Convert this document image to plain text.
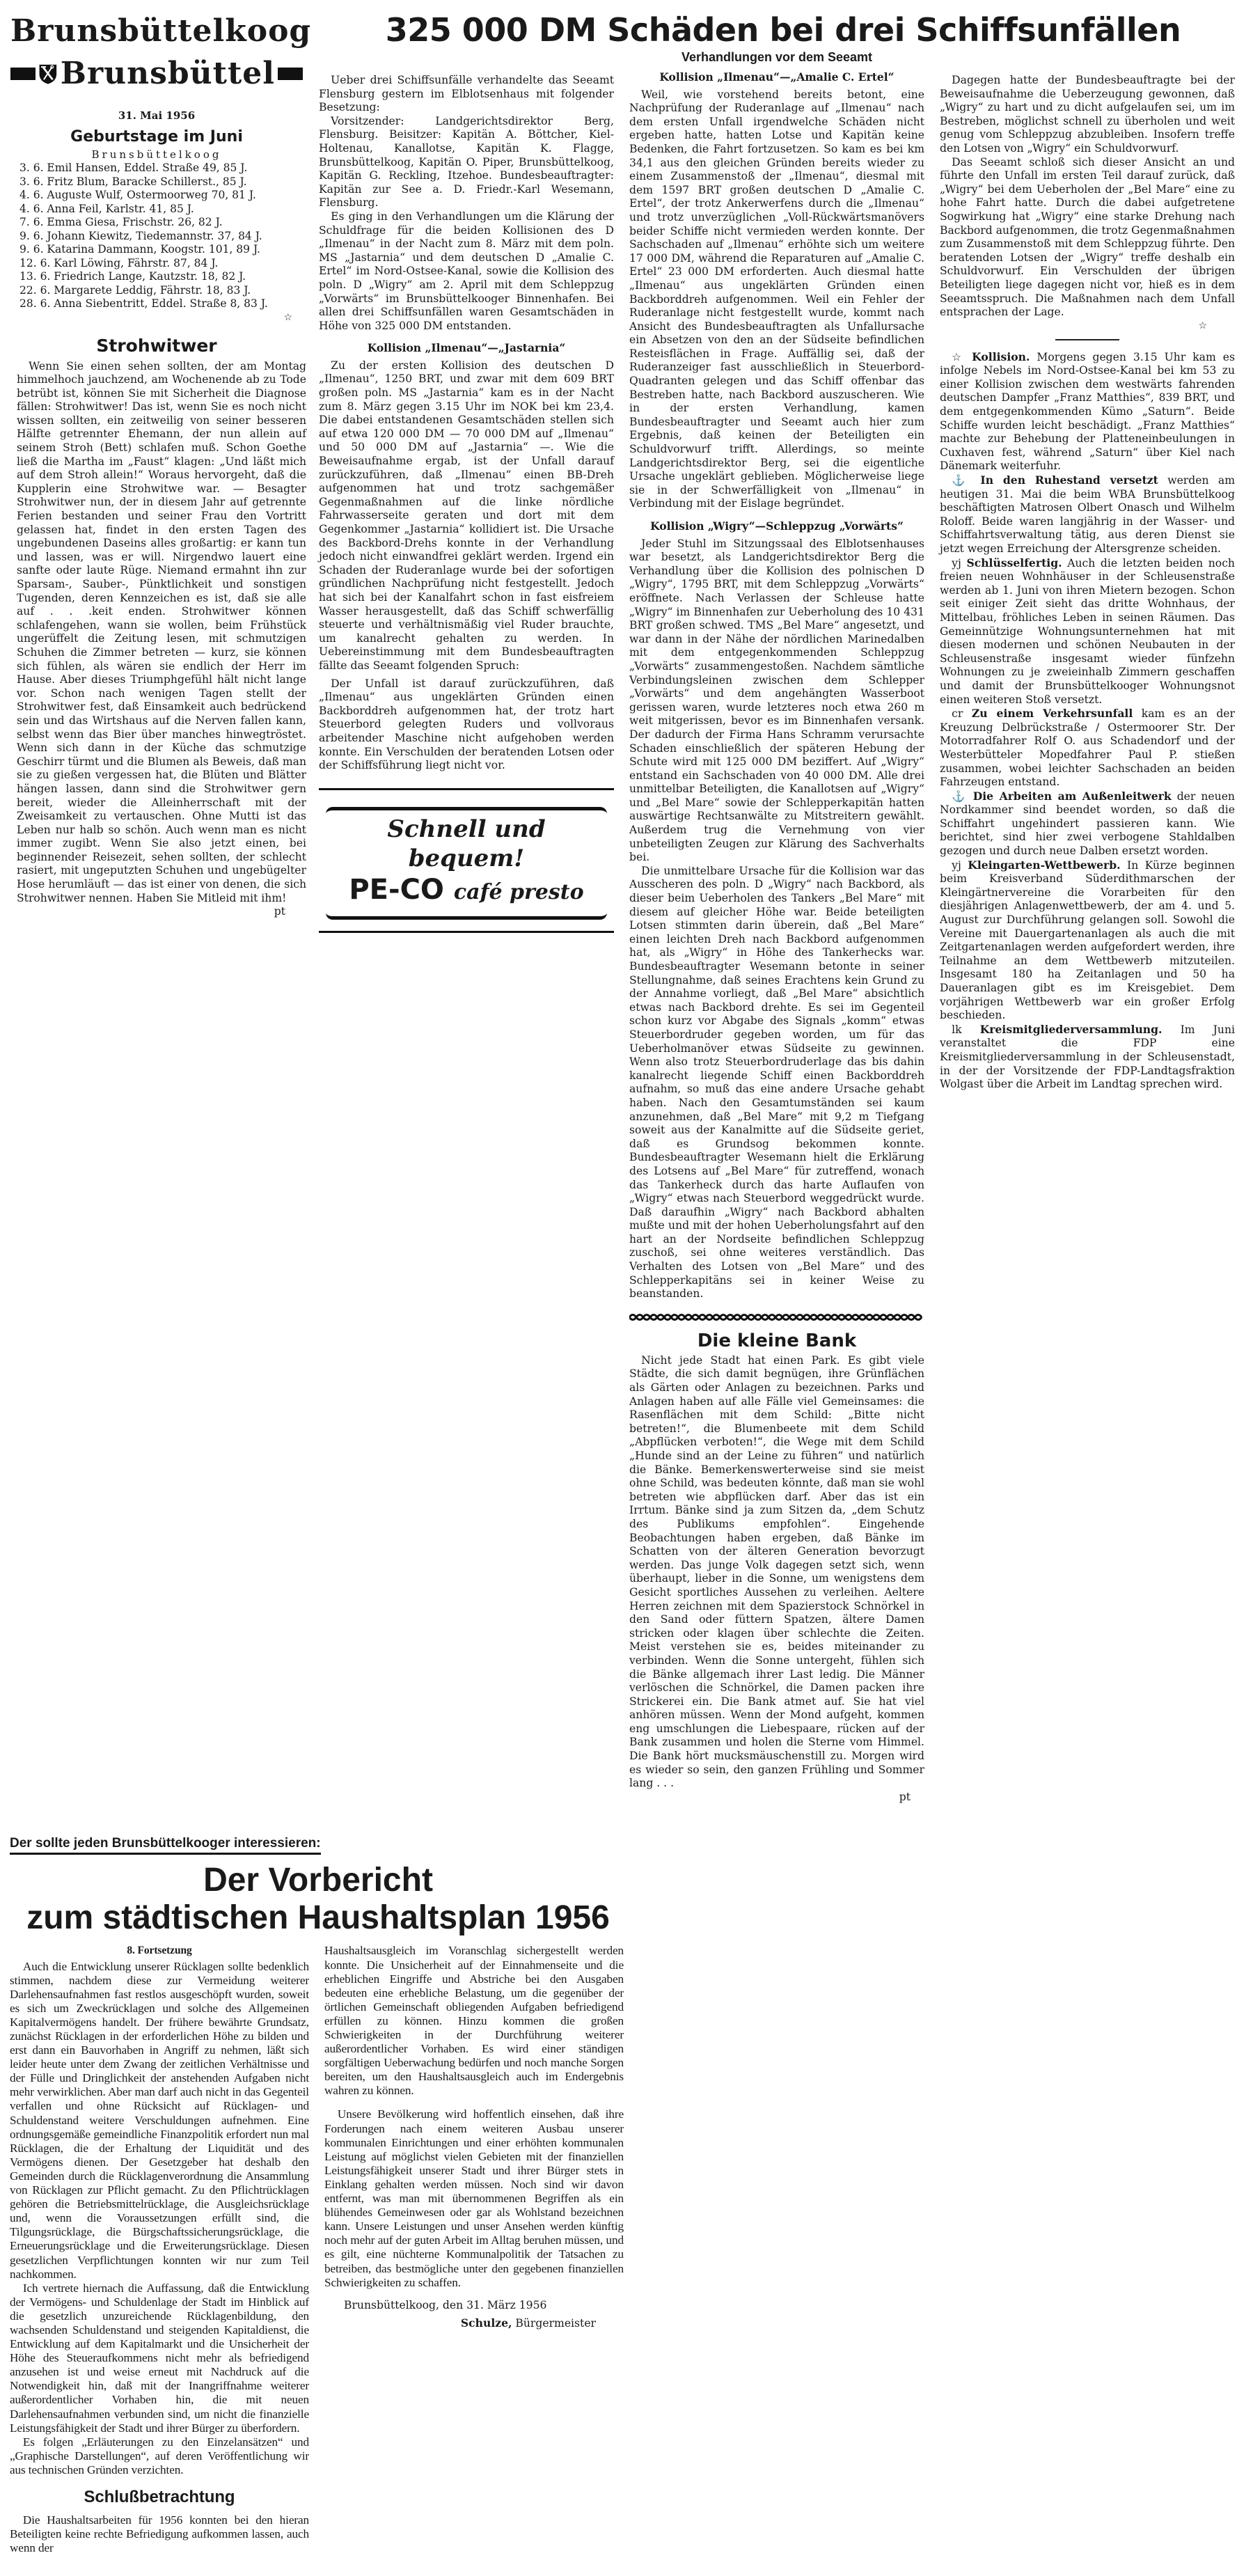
Brunsbüttelkoog
Brunsbüttel
31. Mai 1956
Geburtstage im Juni
Brunsbüttelkoog
3. 6. Emil Hansen, Eddel. Straße 49, 85 J.
3. 6. Fritz Blum, Baracke Schillerst., 85 J.
4. 6. Auguste Wulf, Ostermoorweg 70, 81 J.
4. 6. Anna Feil, Karlstr. 41, 85 J.
7. 6. Emma Giesa, Frischstr. 26, 82 J.
9. 6. Johann Kiewitz, Tiedemannstr. 37, 84 J.
9. 6. Katarina Dammann, Koogstr. 101, 89 J.
12. 6. Karl Löwing, Fährstr. 87, 84 J.
13. 6. Friedrich Lange, Kautzstr. 18, 82 J.
22. 6. Margarete Leddig, Fährstr. 18, 83 J.
28. 6. Anna Siebentritt, Eddel. Straße 8, 83 J.
☆
Strohwitwer

Wenn Sie einen sehen sollten, der am Montag himmelhoch jauchzend, am Wochenende ab zu Tode betrübt ist, können Sie mit Sicherheit die Diagnose fällen: Strohwitwer! Das ist, wenn Sie es noch nicht wissen sollten, ein zeitweilig von seiner besseren Hälfte getrennter Ehemann, der nun allein auf seinem Stroh (Bett) schlafen muß. Schon Goethe ließ die Martha im „Faust“ klagen: „Und läßt mich auf dem Stroh allein!“ Woraus hervorgeht, daß die Kupplerin eine Strohwitwe war. — Besagter Strohwitwer nun, der in diesem Jahr auf getrennte Ferien bestanden und seiner Frau den Vortritt gelassen hat, findet in den ersten Tagen des ungebundenen Daseins alles großartig: er kann tun und lassen, was er will. Nirgendwo lauert eine sanfte oder laute Rüge. Niemand ermahnt ihn zur Sparsam-, Sauber-, Pünktlichkeit und sonstigen Tugenden, deren Kennzeichen es ist, daß sie alle auf . . .keit enden. Strohwitwer können schlafengehen, wann sie wollen, beim Frühstück ungerüffelt die Zeitung lesen, mit schmutzigen Schuhen die Zimmer betreten — kurz, sie können sich fühlen, als wären sie endlich der Herr im Hause. Aber dieses Triumphgefühl hält nicht lange vor. Schon nach wenigen Tagen stellt der Strohwitwer fest, daß Einsamkeit auch bedrückend sein und das Wirtshaus auf die Nerven fallen kann, selbst wenn das Bier über manches hinwegtröstet. Wenn sich dann in der Küche das schmutzige Geschirr türmt und die Blumen als Beweis, daß man sie zu gießen vergessen hat, die Blüten und Blätter hängen lassen, dann sind die Strohwitwer gern bereit, wieder die Alleinherrschaft mit der Zweisamkeit zu vertauschen. Ohne Mutti ist das Leben nur halb so schön. Auch wenn man es nicht immer zugibt. Wenn Sie also jetzt einen, bei beginnender Reisezeit, sehen sollten, der schlecht rasiert, mit ungeputzten Schuhen und ungebügelter Hose herumläuft — das ist einer von denen, die sich Strohwitwer nennen. Haben Sie Mitleid mit ihm!

pt
325 000 DM Schäden bei drei Schiffsunfällen

Ueber drei Schiffsunfälle verhandelte das Seeamt Flensburg gestern im Elblotsenhaus mit folgender Besetzung:

Vorsitzender: Landgerichtsdirektor Berg, Flensburg. Beisitzer: Kapitän A. Böttcher, Kiel-Holtenau, Kanallotse, Kapitän K. Flagge, Brunsbüttelkoog, Kapitän O. Piper, Brunsbüttelkoog, Kapitän G. Reckling, Itzehoe. Bundesbeauftragter: Kapitän zur See a. D. Friedr.-Karl Wesemann, Flensburg.

Es ging in den Verhandlungen um die Klärung der Schuldfrage für die beiden Kollisionen des D „Ilmenau“ in der Nacht zum 8. März mit dem poln. MS „Jastarnia“ und dem deutschen D „Amalie C. Ertel“ im Nord-Ostsee-Kanal, sowie die Kollision des poln. D „Wigry“ am 2. April mit dem Schleppzug „Vorwärts“ im Brunsbüttelkooger Binnenhafen. Bei allen drei Schiffsunfällen waren Gesamtschäden in Höhe von 325 000 DM entstanden.

Kollision „Ilmenau“—„Jastarnia“

Zu der ersten Kollision des deutschen D „Ilmenau“, 1250 BRT, und zwar mit dem 609 BRT großen poln. MS „Jastarnia“ kam es in der Nacht zum 8. März gegen 3.15 Uhr im NOK bei km 23,4. Die dabei entstandenen Gesamtschäden stellen sich auf etwa 120 000 DM — 70 000 DM auf „Ilmenau“ und 50 000 DM auf „Jastarnia“ —. Wie die Beweisaufnahme ergab, ist der Unfall darauf zurückzuführen, daß „Ilmenau“ einen BB-Dreh aufgenommen hat und trotz sachgemäßer Gegenmaßnahmen auf die linke nördliche Fahrwasserseite geraten und dort mit dem Gegenkommer „Jastarnia“ kollidiert ist. Die Ursache des Backbord-Drehs konnte in der Verhandlung jedoch nicht einwandfrei geklärt werden. Irgend ein Schaden der Ruderanlage wurde bei der sofortigen gründlichen Nachprüfung nicht festgestellt. Jedoch hat sich bei der Kanalfahrt schon in fast eisfreiem Wasser herausgestellt, daß das Schiff schwerfällig steuerte und verhältnismäßig viel Ruder brauchte, um kanalrecht gehalten zu werden. In Uebereinstimmung mit dem Bundesbeauftragten fällte das Seeamt folgenden Spruch:

Der Unfall ist darauf zurückzuführen, daß „Ilmenau“ aus ungeklärten Gründen einen Backborddreh aufgenommen hat, der trotz hart Steuerbord gelegten Ruders und vollvoraus arbeitender Maschine nicht aufgehoben werden konnte. Ein Verschulden der beratenden Lotsen oder der Schiffsführung liegt nicht vor.

Schnell und bequem!
PE-CO café presto
Verhandlungen vor dem Seeamt
Kollision „Ilmenau“—„Amalie C. Ertel“

Weil, wie vorstehend bereits betont, eine Nachprüfung der Ruderanlage auf „Ilmenau“ nach dem ersten Unfall irgendwelche Schäden nicht ergeben hatte, hatten Lotse und Kapitän keine Bedenken, die Fahrt fortzusetzen. So kam es bei km 34,1 aus den gleichen Gründen bereits wieder zu einem Zusammenstoß der „Ilmenau“, diesmal mit dem 1597 BRT großen deutschen D „Amalie C. Ertel“, der trotz Ankerwerfens durch die „Ilmenau“ und trotz unverzüglichen „Voll-Rückwärtsmanövers beider Schiffe nicht vermieden werden konnte. Der Sachschaden auf „Ilmenau“ erhöhte sich um weitere 17 000 DM, während die Reparaturen auf „Amalie C. Ertel“ 23 000 DM erforderten. Auch diesmal hatte „Ilmenau“ aus ungeklärten Gründen einen Backborddreh aufgenommen. Weil ein Fehler der Ruderanlage nicht festgestellt wurde, kommt nach Ansicht des Bundesbeauftragten als Unfallursache ein Absetzen von den an der Südseite befindlichen Resteisflächen in Frage. Auffällig sei, daß der Ruderanzeiger fast ausschließlich in Steuerbord-Quadranten gelegen und das Schiff offenbar das Bestreben hatte, nach Backbord auszuscheren. Wie in der ersten Verhandlung, kamen Bundesbeauftragter und Seeamt auch hier zum Ergebnis, daß keinen der Beteiligten ein Schuldvorwurf trifft. Allerdings, so meinte Landgerichtsdirektor Berg, sei die eigentliche Ursache ungeklärt geblieben. Möglicherweise liege sie in der Schwerfälligkeit von „Ilmenau“ in Verbindung mit der Eislage begründet.

Kollision „Wigry“—Schleppzug „Vorwärts“

Jeder Stuhl im Sitzungssaal des Elblotsenhauses war besetzt, als Landgerichtsdirektor Berg die Verhandlung über die Kollision des polnischen D „Wigry“, 1795 BRT, mit dem Schleppzug „Vorwärts“ eröffnete. Nach Verlassen der Schleuse hatte „Wigry“ im Binnenhafen zur Ueberholung des 10 431 BRT großen schwed. TMS „Bel Mare“ angesetzt, und war dann in der Nähe der nördlichen Marinedalben mit dem entgegenkommenden Schleppzug „Vorwärts“ zusammengestoßen. Nachdem sämtliche Verbindungsleinen zwischen dem Schlepper „Vorwärts“ und dem angehängten Wasserboot gerissen waren, wurde letzteres noch etwa 260 m weit mitgerissen, bevor es im Binnenhafen versank. Der dadurch der Firma Hans Schramm verursachte Schaden einschließlich der späteren Hebung der Schute wird mit 125 000 DM beziffert. Auf „Wigry“ entstand ein Sachschaden von 40 000 DM. Alle drei unmittelbar Beteiligten, die Kanallotsen auf „Wigry“ und „Bel Mare“ sowie der Schlepperkapitän hatten auswärtige Rechtsanwälte zu Mitstreitern gewählt. Außerdem trug die Vernehmung von vier unbeteiligten Zeugen zur Klärung des Sachverhalts bei.

Die unmittelbare Ursache für die Kollision war das Ausscheren des poln. D „Wigry“ nach Backbord, als dieser beim Ueberholen des Tankers „Bel Mare“ mit diesem auf gleicher Höhe war. Beide beteiligten Lotsen stimmten darin überein, daß „Bel Mare“ einen leichten Dreh nach Backbord aufgenommen hat, als „Wigry“ in Höhe des Tankerhecks war. Bundesbeauftragter Wesemann betonte in seiner Stellungnahme, daß seines Erachtens kein Grund zu der Annahme vorliegt, daß „Bel Mare“ absichtlich etwas nach Backbord drehte. Es sei im Gegenteil schon kurz vor Abgabe des Signals „komm“ etwas Steuerbordruder gegeben worden, um für das Ueberholmanöver etwas Südseite zu gewinnen. Wenn also trotz Steuerbordruderlage das bis dahin kanalrecht liegende Schiff einen Backborddreh aufnahm, so muß das eine andere Ursache gehabt haben. Nach den Gesamtumständen sei kaum anzunehmen, daß „Bel Mare“ mit 9,2 m Tiefgang soweit aus der Kanalmitte auf die Südseite geriet, daß es Grundsog bekommen konnte. Bundesbeauftragter Wesemann hielt die Erklärung des Lotsens auf „Bel Mare“ für zutreffend, wonach das Tankerheck durch das harte Auflaufen von „Wigry“ etwas nach Steuerbord weggedrückt wurde. Daß daraufhin „Wigry“ nach Backbord abhalten mußte und mit der hohen Ueberholungsfahrt auf den hart an der Nordseite befindlichen Schleppzug zuschoß, sei ohne weiteres verständlich. Das Verhalten des Lotsen von „Bel Mare“ und des Schlepperkapitäns sei in keiner Weise zu beanstanden.

Die kleine Bank

Nicht jede Stadt hat einen Park. Es gibt viele Städte, die sich damit begnügen, ihre Grünflächen als Gärten oder Anlagen zu bezeichnen. Parks und Anlagen haben auf alle Fälle viel Gemeinsames: die Rasenflächen mit dem Schild: „Bitte nicht betreten!“, die Blumenbeete mit dem Schild „Abpflücken verboten!“, die Wege mit dem Schild „Hunde sind an der Leine zu führen“ und natürlich die Bänke. Bemerkenswerterweise sind sie meist ohne Schild, was bedeuten könnte, daß man sie wohl betreten wie abpflücken darf. Aber das ist ein Irrtum. Bänke sind ja zum Sitzen da, „dem Schutz des Publikums empfohlen“. Eingehende Beobachtungen haben ergeben, daß Bänke im Schatten von der älteren Generation bevorzugt werden. Das junge Volk dagegen setzt sich, wenn überhaupt, lieber in die Sonne, um wenigstens dem Gesicht sportliches Aussehen zu verleihen. Aeltere Herren zeichnen mit dem Spazierstock Schnörkel in den Sand oder füttern Spatzen, ältere Damen stricken oder klagen über schlechte die Zeiten. Meist verstehen sie es, beides miteinander zu verbinden. Wenn die Sonne untergeht, fühlen sich die Bänke allgemach ihrer Last ledig. Die Männer verlöschen die Schnörkel, die Damen packen ihre Strickerei ein. Die Bank atmet auf. Sie hat viel anhören müssen. Wenn der Mond aufgeht, kommen eng umschlungen die Liebespaare, rücken auf der Bank zusammen und holen die Sterne vom Himmel. Die Bank hört mucksmäuschenstill zu. Morgen wird es wieder so sein, den ganzen Frühling und Sommer lang . . .

pt

Dagegen hatte der Bundesbeauftragte bei der Beweisaufnahme die Ueberzeugung gewonnen, daß „Wigry“ zu hart und zu dicht aufgelaufen sei, um im Bestreben, möglichst schnell zu überholen und weit genug vom Schleppzug abzubleiben. Insofern treffe den Lotsen von „Wigry“ ein Schuldvorwurf.

Das Seeamt schloß sich dieser Ansicht an und führte den Unfall im ersten Teil darauf zurück, daß „Wigry“ bei dem Ueberholen der „Bel Mare“ eine zu hohe Fahrt hatte. Durch die dabei aufgetretene Sogwirkung hat „Wigry“ eine starke Drehung nach Backbord aufgenommen, die trotz Gegenmaßnahmen zum Zusammenstoß mit dem Schleppzug führte. Den beratenden Lotsen der „Wigry“ treffe deshalb ein Schuldvorwurf. Ein Verschulden der übrigen Beteiligten liege dagegen nicht vor, hieß es in dem Seeamtsspruch. Die Maßnahmen nach dem Unfall entsprachen der Lage.

☆

☆ Kollision. Morgens gegen 3.15 Uhr kam es infolge Nebels im Nord-Ostsee-Kanal bei km 53 zu einer Kollision zwischen dem westwärts fahrenden deutschen Dampfer „Franz Matthies“, 839 BRT, und dem entgegenkommenden Kümo „Saturn“. Beide Schiffe wurden leicht beschädigt. „Franz Matthies“ machte zur Behebung der Platteneinbeulungen in Cuxhaven fest, während „Saturn“ über Kiel nach Dänemark weiterfuhr.

⚓ In den Ruhestand versetzt werden am heutigen 31. Mai die beim WBA Brunsbüttelkoog beschäftigten Matrosen Olbert Onasch und Wilhelm Roloff. Beide waren langjährig in der Wasser- und Schiffahrtsverwaltung tätig, aus deren Dienst sie jetzt wegen Erreichung der Altersgrenze scheiden.

yj Schlüsselfertig. Auch die letzten beiden noch freien neuen Wohnhäuser in der Schleusenstraße werden ab 1. Juni von ihren Mietern bezogen. Schon seit einiger Zeit sieht das dritte Wohnhaus, der Mittelbau, fröhliches Leben in seinen Räumen. Das Gemeinnützige Wohnungsunternehmen hat mit diesen modernen und schönen Neubauten in der Schleusenstraße insgesamt wieder fünfzehn Wohnungen zu je zweieinhalb Zimmern geschaffen und damit der Brunsbüttelkooger Wohnungsnot einen weiteren Stoß versetzt.

cr Zu einem Verkehrsunfall kam es an der Kreuzung Delbrückstraße / Ostermoorer Str. Der Motorradfahrer Rolf O. aus Schadendorf und der Westerbütteler Mopedfahrer Paul P. stießen zusammen, wobei leichter Sachschaden an beiden Fahrzeugen entstand.

⚓ Die Arbeiten am Außenleitwerk der neuen Nordkammer sind beendet worden, so daß die Schiffahrt ungehindert passieren kann. Wie berichtet, sind hier zwei verbogene Stahldalben gezogen und durch neue Dalben ersetzt worden.

yj Kleingarten-Wettbewerb. In Kürze beginnen beim Kreisverband Süderdithmarschen der Kleingärtnervereine die Vorarbeiten für den diesjährigen Anlagenwettbewerb, der am 4. und 5. August zur Durchführung gelangen soll. Sowohl die Vereine mit Dauergartenanlagen als auch die mit Zeitgartenanlagen werden aufgefordert werden, ihre Teilnahme an dem Wettbewerb mitzuteilen. Insgesamt 180 ha Zeitanlagen und 50 ha Daueranlagen gibt es im Kreisgebiet. Dem vorjährigen Wettbewerb war ein großer Erfolg beschieden.

lk Kreismitgliederversammlung. Im Juni veranstaltet die FDP eine Kreismitgliederversammlung in der Schleusenstadt, in der der Vorsitzende der FDP-Landtagsfraktion Wolgast über die Arbeit im Landtag sprechen wird.

Der sollte jeden Brunsbüttelkooger interessieren:
Der Vorbericht
zum städtischen Haushaltsplan 1956
8. Fortsetzung

Auch die Entwicklung unserer Rücklagen sollte bedenklich stimmen, nachdem diese zur Vermeidung weiterer Darlehensaufnahmen fast restlos ausgeschöpft wurden, soweit es sich um Zweckrücklagen und solche des Allgemeinen Kapitalvermögens handelt. Der frühere bewährte Grundsatz, zunächst Rücklagen in der erforderlichen Höhe zu bilden und erst dann ein Bauvorhaben in Angriff zu nehmen, läßt sich leider heute unter dem Zwang der zeitlichen Verhältnisse und der Fülle und Dringlichkeit der anstehenden Aufgaben nicht mehr verwirklichen. Aber man darf auch nicht in das Gegenteil verfallen und ohne Rücksicht auf Rücklagen- und Schuldenstand weitere Verschuldungen aufnehmen. Eine ordnungsgemäße gemeindliche Finanzpolitik erfordert nun mal Rücklagen, die der Erhaltung der Liquidität und des Vermögens dienen. Der Gesetzgeber hat deshalb den Gemeinden durch die Rücklagenverordnung die Ansammlung von Rücklagen zur Pflicht gemacht. Zu den Pflichtrücklagen gehören die Betriebsmittelrücklage, die Ausgleichsrücklage und, wenn die Voraussetzungen erfüllt sind, die Tilgungsrücklage, die Bürgschaftssicherungsrücklage, die Erneuerungsrücklage und die Erweiterungsrücklage. Diesen gesetzlichen Verpflichtungen konnten wir nur zum Teil nachkommen.

Ich vertrete hiernach die Auffassung, daß die Entwicklung der Vermögens- und Schuldenlage der Stadt im Hinblick auf die gesetzlich unzureichende Rücklagenbildung, den wachsenden Schuldenstand und steigenden Kapitaldienst, die Entwicklung auf dem Kapitalmarkt und die Unsicherheit der Höhe des Steueraufkommens nicht mehr als befriedigend anzusehen ist und weise erneut mit Nachdruck auf die Notwendigkeit hin, daß mit der Inangriffnahme weiterer außerordentlicher Vorhaben hin, die mit neuen Darlehensaufnahmen verbunden sind, um nicht die finanzielle Leistungsfähigkeit der Stadt und ihrer Bürger zu überfordern.

Es folgen „Erläuterungen zu den Einzelansätzen“ und „Graphische Darstellungen“, auf deren Veröffentlichung wir aus technischen Gründen verzichten.

Schlußbetrachtung

Die Haushaltsarbeiten für 1956 konnten bei den hieran Beteiligten keine rechte Befriedigung aufkommen lassen, auch wenn der

Haushaltsausgleich im Voranschlag sichergestellt werden konnte. Die Unsicherheit auf der Einnahmenseite und die erheblichen Eingriffe und Abstriche bei den Ausgaben bedeuten eine erhebliche Belastung, um die gegenüber der örtlichen Gemeinschaft obliegenden Aufgaben befriedigend erfüllen zu können. Hinzu kommen die großen Schwierigkeiten in der Durchführung weiterer außerordentlicher Vorhaben. Es wird einer ständigen sorgfältigen Ueberwachung bedürfen und noch manche Sorgen bereiten, um den Haushaltsausgleich auch im Endergebnis wahren zu können.

Unsere Bevölkerung wird hoffentlich einsehen, daß ihre Forderungen nach einem weiteren Ausbau unserer kommunalen Einrichtungen und einer erhöhten kommunalen Leistung auf möglichst vielen Gebieten mit der finanziellen Leistungsfähigkeit unserer Stadt und ihrer Bürger stets in Einklang gehalten werden müssen. Noch sind wir davon entfernt, was man mit übernommenen Begriffen als ein blühendes Gemeinwesen oder gar als Wohlstand bezeichnen kann. Unsere Leistungen und unser Ansehen werden künftig noch mehr auf der guten Arbeit im Alltag beruhen müssen, und es gilt, eine nüchterne Kommunalpolitik der Tatsachen zu betreiben, das bestmögliche unter den gegebenen finanziellen Schwierigkeiten zu schaffen.

Brunsbüttelkoog, den 31. März 1956
Schulze, Bürgermeister
